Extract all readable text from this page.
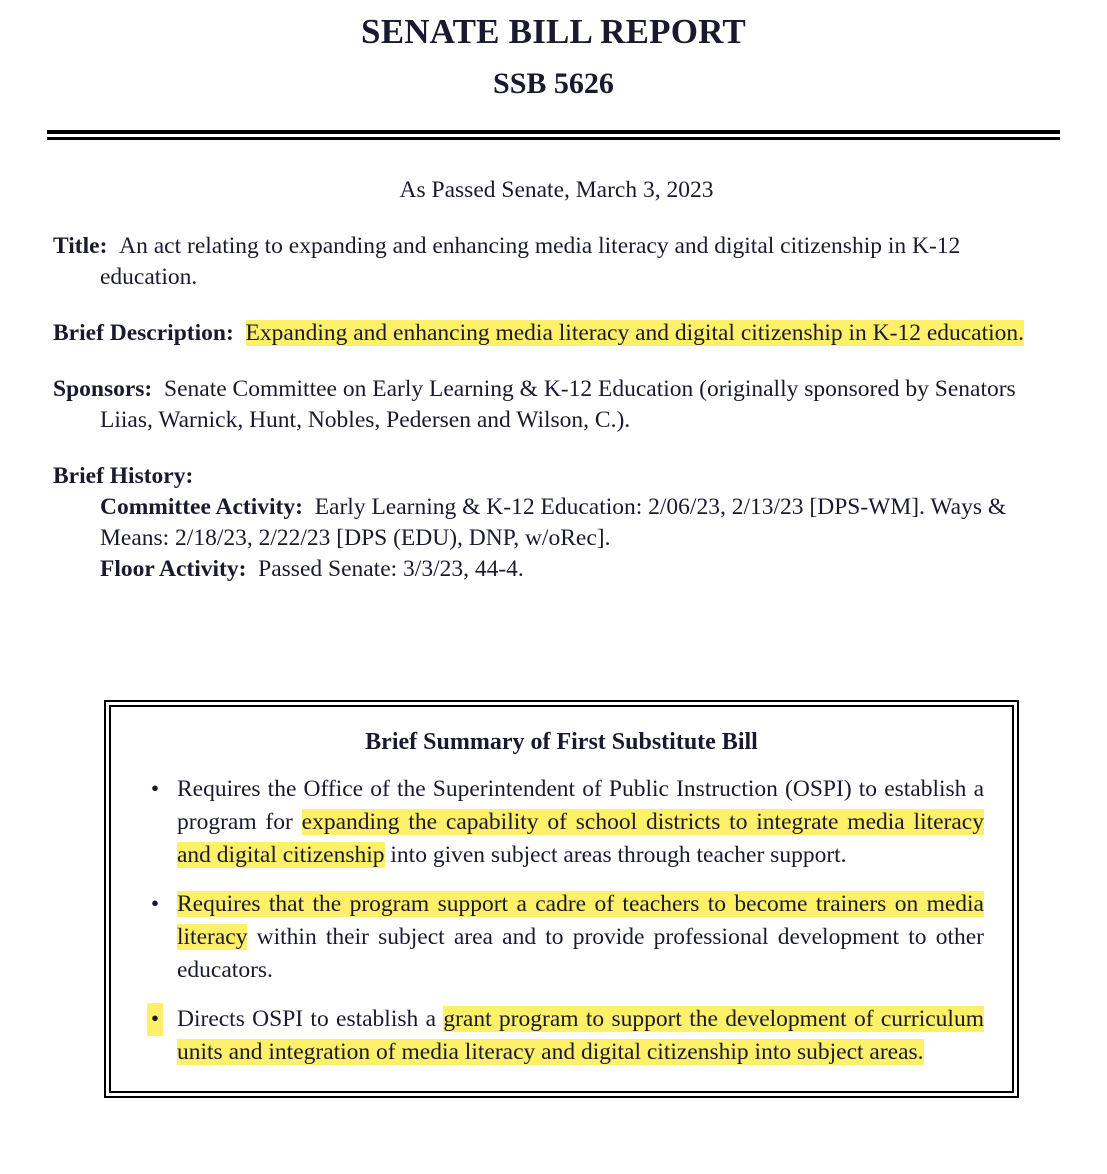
SENATE BILL REPORT
SSB 5626
As Passed Senate, March 3, 2023
Title: An act relating to expanding and enhancing media literacy and digital citizenship in K-12 education.
Brief Description: Expanding and enhancing media literacy and digital citizenship in K-12 education.
Sponsors: Senate Committee on Early Learning & K-12 Education (originally sponsored by Senators Liias, Warnick, Hunt, Nobles, Pedersen and Wilson, C.).
Brief History:
Committee Activity: Early Learning & K-12 Education: 2/06/23, 2/13/23 [DPS-WM]. Ways & Means: 2/18/23, 2/22/23 [DPS (EDU), DNP, w/oRec].
Floor Activity: Passed Senate: 3/3/23, 44-4.
Brief Summary of First Substitute Bill
• Requires the Office of the Superintendent of Public Instruction (OSPI) to establish a program for expanding the capability of school districts to integrate media literacy and digital citizenship into given subject areas through teacher support.
• Requires that the program support a cadre of teachers to become trainers on media literacy within their subject area and to provide professional development to other educators.
• Directs OSPI to establish a grant program to support the development of curriculum units and integration of media literacy and digital citizenship into subject areas.
